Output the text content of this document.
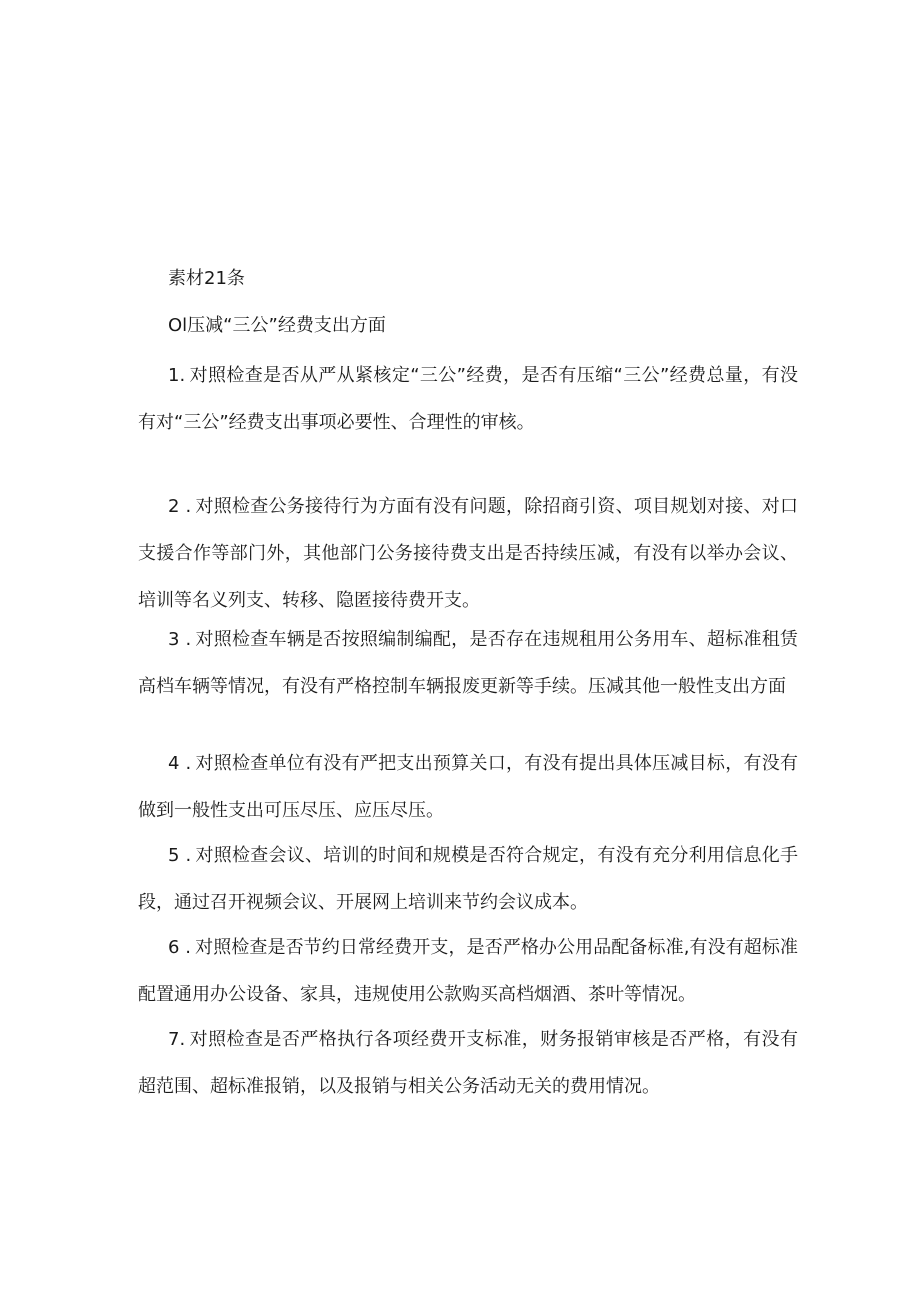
素材21条
Ol压减“三公”经费支出方面

1. 对照检查是否从严从紧核定“三公”经费，是否有压缩“三公”经费总量，有没有对“三公”经费支出事项必要性、合理性的审核。

2 . 对照检查公务接待行为方面有没有问题，除招商引资、项目规划对接、对口支援合作等部门外，其他部门公务接待费支出是否持续压减，有没有以举办会议、培训等名义列支、转移、隐匿接待费开支。

3 . 对照检查车辆是否按照编制编配，是否存在违规租用公务用车、超标准租赁高档车辆等情况，有没有严格控制车辆报废更新等手续。压减其他一般性支出方面

4 . 对照检查单位有没有严把支出预算关口，有没有提出具体压减目标，有没有做到一般性支出可压尽压、应压尽压。

5 . 对照检查会议、培训的时间和规模是否符合规定，有没有充分利用信息化手段，通过召开视频会议、开展网上培训来节约会议成本。

6 . 对照检查是否节约日常经费开支，是否严格办公用品配备标准,有没有超标准配置通用办公设备、家具，违规使用公款购买高档烟酒、茶叶等情况。

7. 对照检查是否严格执行各项经费开支标准，财务报销审核是否严格，有没有超范围、超标准报销，以及报销与相关公务活动无关的费用情况。
